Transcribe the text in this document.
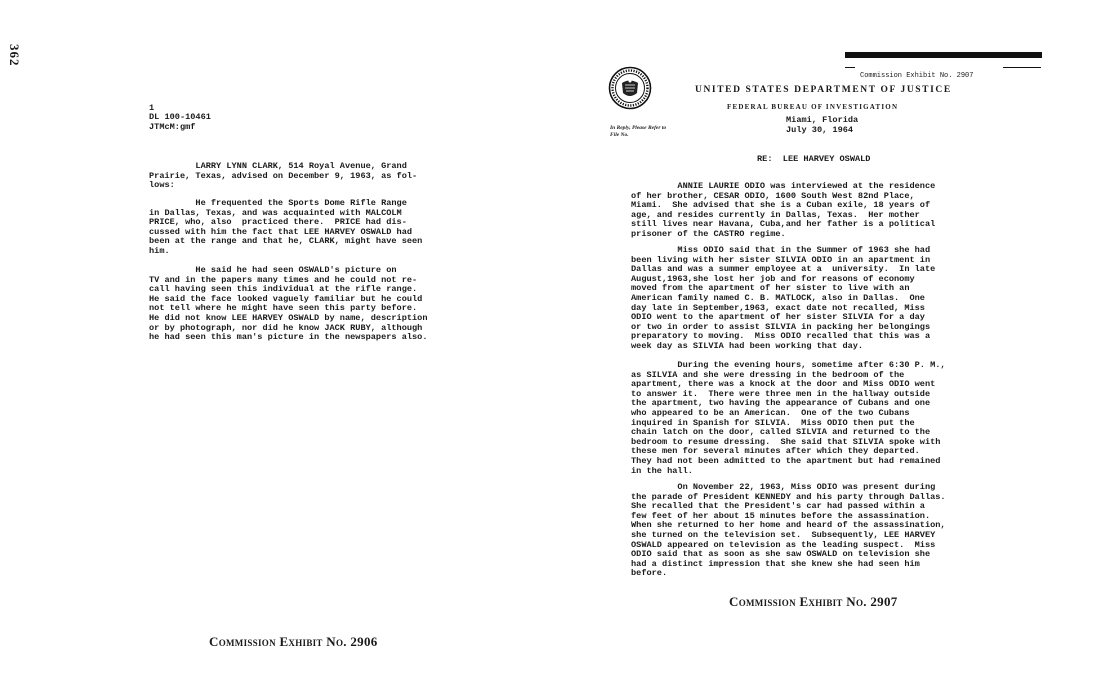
362
1
DL 100-10461
JTMcM:gmf
LARRY LYNN CLARK, 514 Royal Avenue, Grand
Prairie, Texas, advised on December 9, 1963, as fol-
lows:
He frequented the Sports Dome Rifle Range
in Dallas, Texas, and was acquainted with MALCOLM
PRICE, who, also  practiced there.  PRICE had dis-
cussed with him the fact that LEE HARVEY OSWALD had
been at the range and that he, CLARK, might have seen
him.
He said he had seen OSWALD's picture on
TV and in the papers many times and he could not re-
call having seen this individual at the rifle range.
He said the face looked vaguely familiar but he could
not tell where he might have seen this party before.
He did not know LEE HARVEY OSWALD by name, description
or by photograph, nor did he know JACK RUBY, although
he had seen this man's picture in the newspapers also.
Commission Exhibit No. 2906
Commission Exhibit No. 2907
UNITED STATES DEPARTMENT OF JUSTICE
FEDERAL BUREAU OF INVESTIGATION
In Reply, Please Refer to
File No.
Miami, Florida
July 30, 1964
RE:  LEE HARVEY OSWALD
ANNIE LAURIE ODIO was interviewed at the residence
of her brother, CESAR ODIO, 1600 South West 82nd Place,
Miami.  She advised that she is a Cuban exile, 18 years of
age, and resides currently in Dallas, Texas.  Her mother
still lives near Havana, Cuba,and her father is a political
prisoner of the CASTRO regime.
Miss ODIO said that in the Summer of 1963 she had
been living with her sister SILVIA ODIO in an apartment in
Dallas and was a summer employee at a  university.  In late
August,1963,she lost her job and for reasons of economy
moved from the apartment of her sister to live with an
American family named C. B. MATLOCK, also in Dallas.  One
day late in September,1963, exact date not recalled, Miss
ODIO went to the apartment of her sister SILVIA for a day
or two in order to assist SILVIA in packing her belongings
preparatory to moving.  Miss ODIO recalled that this was a
week day as SILVIA had been working that day.
During the evening hours, sometime after 6:30 P. M.,
as SILVIA and she were dressing in the bedroom of the
apartment, there was a knock at the door and Miss ODIO went
to answer it.  There were three men in the hallway outside
the apartment, two having the appearance of Cubans and one
who appeared to be an American.  One of the two Cubans
inquired in Spanish for SILVIA.  Miss ODIO then put the
chain latch on the door, called SILVIA and returned to the
bedroom to resume dressing.  She said that SILVIA spoke with
these men for several minutes after which they departed.
They had not been admitted to the apartment but had remained
in the hall.
On November 22, 1963, Miss ODIO was present during
the parade of President KENNEDY and his party through Dallas.
She recalled that the President's car had passed within a
few feet of her about 15 minutes before the assassination.
When she returned to her home and heard of the assassination,
she turned on the television set.  Subsequently, LEE HARVEY
OSWALD appeared on television as the leading suspect.  Miss
ODIO said that as soon as she saw OSWALD on television she
had a distinct impression that she knew she had seen him
before.
Commission Exhibit No. 2907
